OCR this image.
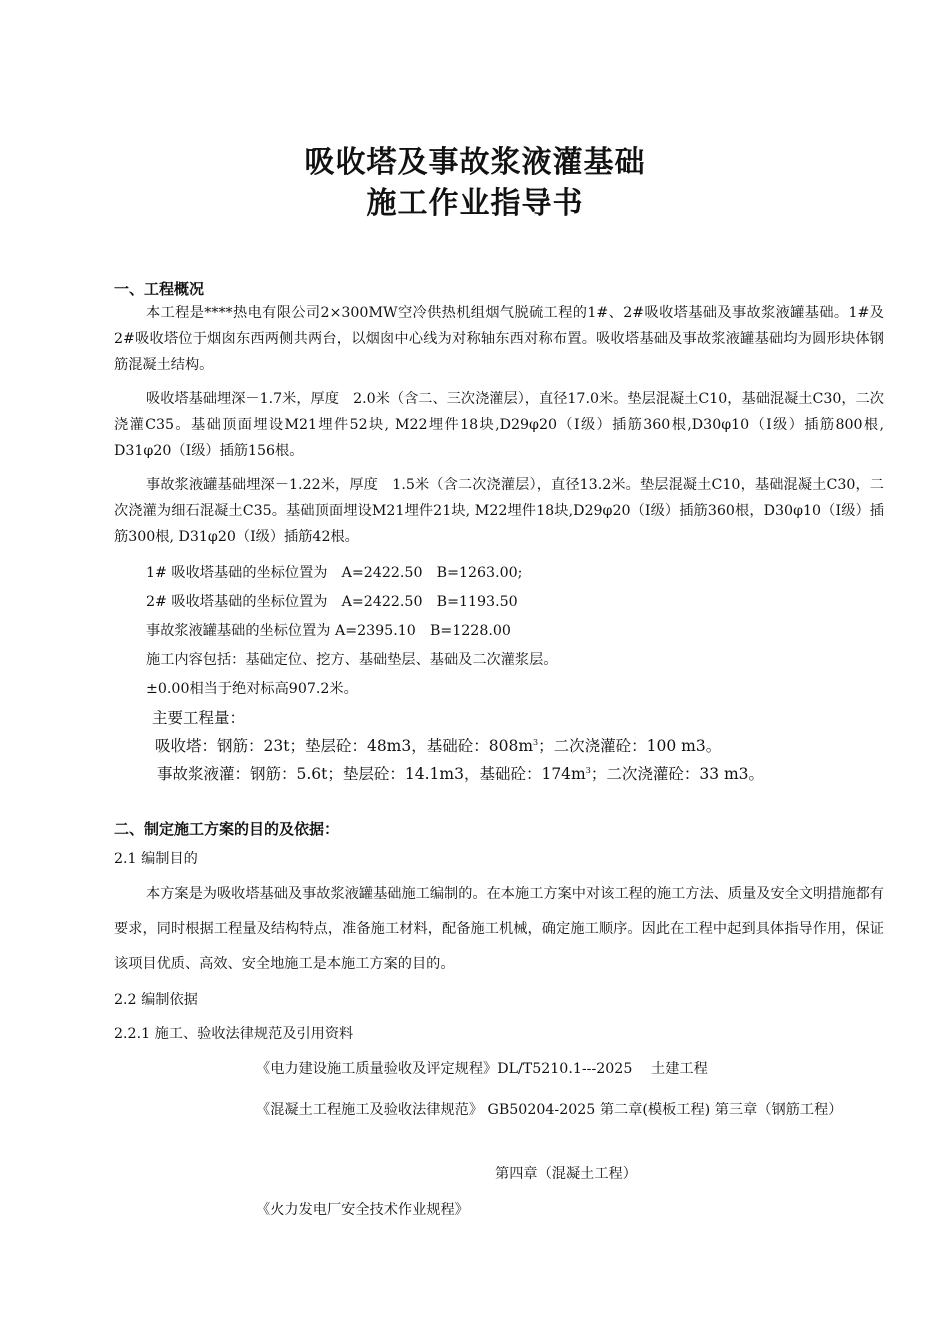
吸收塔及事故浆液灌基础
施工作业指导书
一、工程概况
本工程是****热电有限公司2×300MW空冷供热机组烟气脱硫工程的1#、2#吸收塔基础及事故浆液罐基础。1#及2#吸收塔位于烟囱东西两侧共两台，以烟囱中心线为对称轴东西对称布置。吸收塔基础及事故浆液罐基础均为圆形块体钢筋混凝土结构。
吸收塔基础埋深－1.7米，厚度　2.0米（含二、三次浇灌层），直径17.0米。垫层混凝土C10，基础混凝土C30，二次浇灌C35。基础顶面埋设M21埋件52块, M22埋件18块,D29φ20（Ⅰ级）插筋360根,D30φ10（Ⅰ级）插筋800根, D31φ20（Ⅰ级）插筋156根。
事故浆液罐基础埋深－1.22米，厚度　1.5米（含二次浇灌层），直径13.2米。垫层混凝土C10，基础混凝土C30，二次浇灌为细石混凝土C35。基础顶面埋设M21埋件21块, M22埋件18块,D29φ20（Ⅰ级）插筋360根，D30φ10（Ⅰ级）插筋300根, D31φ20（Ⅰ级）插筋42根。
1# 吸收塔基础的坐标位置为　A=2422.50　B=1263.00;
2# 吸收塔基础的坐标位置为　A=2422.50　B=1193.50
事故浆液罐基础的坐标位置为 A=2395.10　B=1228.00
施工内容包括：基础定位、挖方、基础垫层、基础及二次灌浆层。
±0.00相当于绝对标高907.2米。
主要工程量：
吸收塔：钢筋：23t；垫层砼：48m3，基础砼：$808m^3$；二次浇灌砼：100 m3。
事故浆液灌：钢筋：5.6t；垫层砼：14.1m3，基础砼：$174m^3$；二次浇灌砼：33 m3。
二、制定施工方案的目的及依据：
2.1 编制目的
本方案是为吸收塔基础及事故浆液罐基础施工编制的。在本施工方案中对该工程的施工方法、质量及安全文明措施都有要求，同时根据工程量及结构特点，准备施工材料，配备施工机械，确定施工顺序。因此在工程中起到具体指导作用，保证该项目优质、高效、安全地施工是本施工方案的目的。
2.2 编制依据
2.2.1 施工、验收法律规范及引用资料
《电力建设施工质量验收及评定规程》DL/T5210.1---2025　 土建工程
《混凝土工程施工及验收法律规范》 GB50204-2025 第二章(模板工程) 第三章（钢筋工程）
第四章（混凝土工程）
《火力发电厂安全技术作业规程》
